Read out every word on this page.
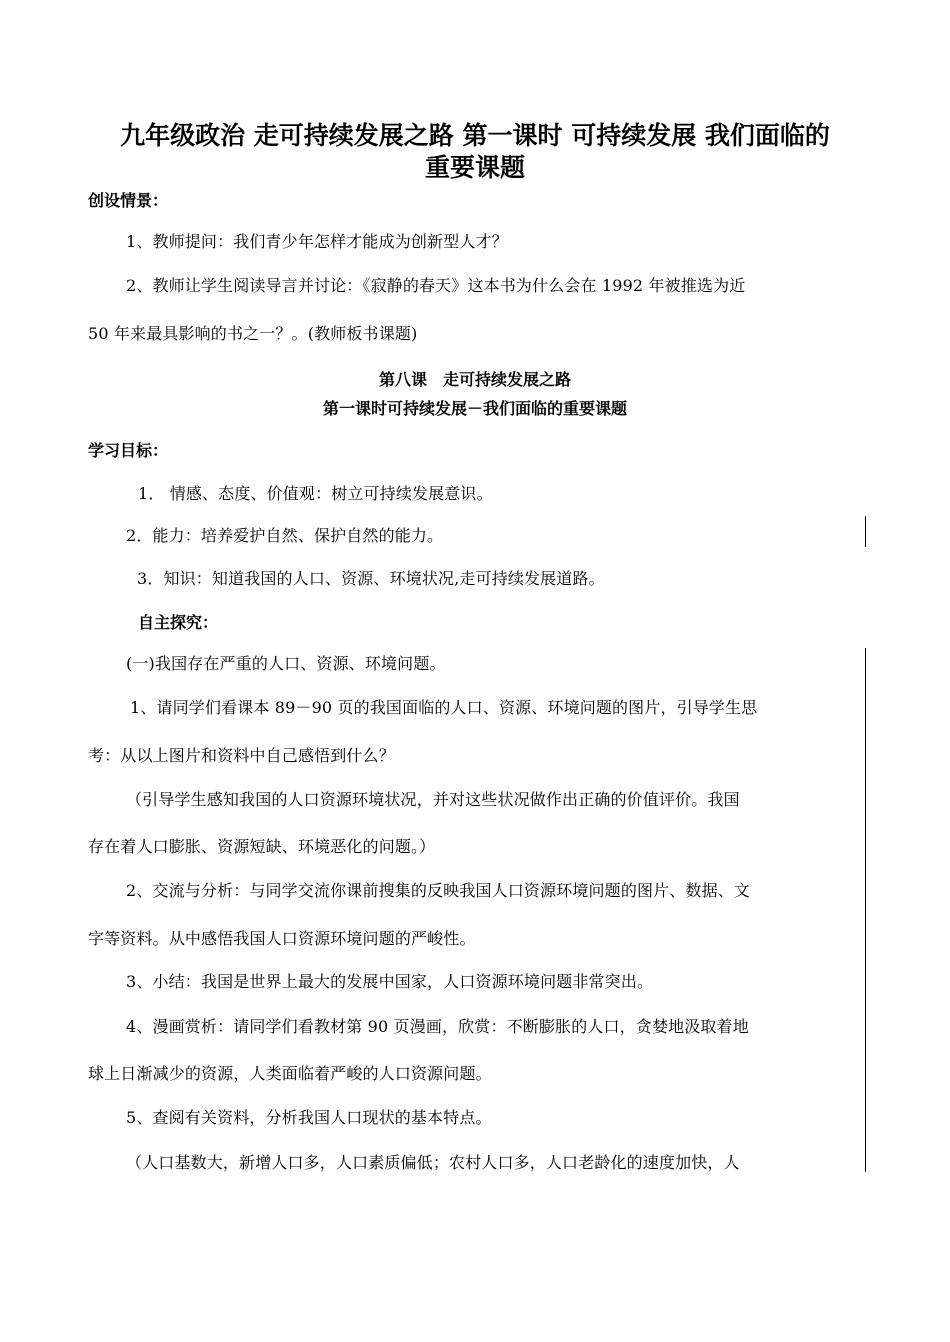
九年级政治 走可持续发展之路 第一课时 可持续发展 我们面临的
重要课题
创设情景：
1、教师提问：我们青少年怎样才能成为创新型人才？
2、教师让学生阅读导言并讨论：《寂静的春天》这本书为什么会在 1992 年被推选为近
50 年来最具影响的书之一？。(教师板书课题)
第八课　走可持续发展之路
第一课时可持续发展－我们面临的重要课题
学习目标：
1． 情感、态度、价值观：树立可持续发展意识。
2．能力：培养爱护自然、保护自然的能力。
3．知识：知道我国的人口、资源、环境状况,走可持续发展道路。
自主探究：
(一)我国存在严重的人口、资源、环境问题。
1、请同学们看课本 89－90 页的我国面临的人口、资源、环境问题的图片，引导学生思
考：从以上图片和资料中自己感悟到什么？
（引导学生感知我国的人口资源环境状况，并对这些状况做作出正确的价值评价。我国
存在着人口膨胀、资源短缺、环境恶化的问题。）
2、交流与分析：与同学交流你课前搜集的反映我国人口资源环境问题的图片、数据、文
字等资料。从中感悟我国人口资源环境问题的严峻性。
3、小结：我国是世界上最大的发展中国家，人口资源环境问题非常突出。
4、漫画赏析：请同学们看教材第 90 页漫画，欣赏：不断膨胀的人口，贪婪地汲取着地
球上日渐减少的资源，人类面临着严峻的人口资源问题。
5、查阅有关资料，分析我国人口现状的基本特点。
（人口基数大，新增人口多，人口素质偏低；农村人口多，人口老龄化的速度加快，人
